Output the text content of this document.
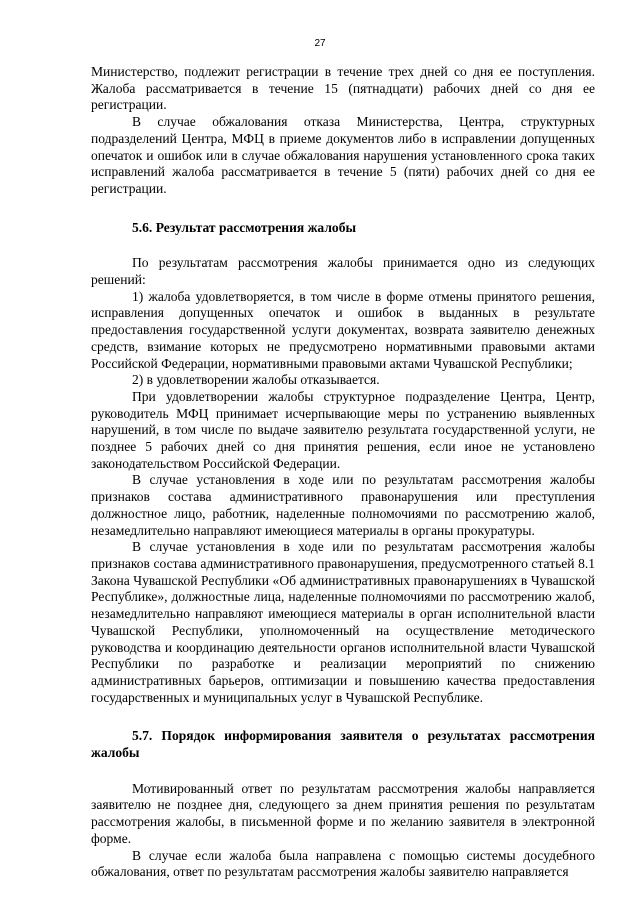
27

Министерство, подлежит регистрации в течение трех дней со дня ее поступления. Жалоба рассматривается в течение 15 (пятнадцати) рабочих дней со дня ее регистрации.

В случае обжалования отказа Министерства, Центра, структурных подразделений Центра, МФЦ в приеме документов либо в исправлении допущенных опечаток и ошибок или в случае обжалования нарушения установленного срока таких исправлений жалоба рассматривается в течение 5 (пяти) рабочих дней со дня ее регистрации.

5.6. Результат рассмотрения жалобы

По результатам рассмотрения жалобы принимается одно из следующих решений:

1) жалоба удовлетворяется, в том числе в форме отмены принятого решения, исправления допущенных опечаток и ошибок в выданных в результате предоставления государственной услуги документах, возврата заявителю денежных средств, взимание которых не предусмотрено нормативными правовыми актами Российской Федерации, нормативными правовыми актами Чувашской Республики;

2) в удовлетворении жалобы отказывается.

При удовлетворении жалобы структурное подразделение Центра, Центр, руководитель МФЦ принимает исчерпывающие меры по устранению выявленных нарушений, в том числе по выдаче заявителю результата государственной услуги, не позднее 5 рабочих дней со дня принятия решения, если иное не установлено законодательством Российской Федерации.

В случае установления в ходе или по результатам рассмотрения жалобы признаков состава административного правонарушения или преступления должностное лицо, работник, наделенные полномочиями по рассмотрению жалоб, незамедлительно направляют имеющиеся материалы в органы прокуратуры.

В случае установления в ходе или по результатам рассмотрения жалобы признаков состава административного правонарушения, предусмотренного статьей 8.1 Закона Чувашской Республики «Об административных правонарушениях в Чувашской Республике», должностные лица, наделенные полномочиями по рассмотрению жалоб, незамедлительно направляют имеющиеся материалы в орган исполнительной власти Чувашской Республики, уполномоченный на осуществление методического руководства и координацию деятельности органов исполнительной власти Чувашской Республики по разработке и реализации мероприятий по снижению административных барьеров, оптимизации и повышению качества предоставления государственных и муниципальных услуг в Чувашской Республике.

5.7. Порядок информирования заявителя о результатах рассмотрения жалобы

Мотивированный ответ по результатам рассмотрения жалобы направляется заявителю не позднее дня, следующего за днем принятия решения по результатам рассмотрения жалобы, в письменной форме и по желанию заявителя в электронной форме.

В случае если жалоба была направлена с помощью системы досудебного обжалования, ответ по результатам рассмотрения жалобы заявителю направляется
